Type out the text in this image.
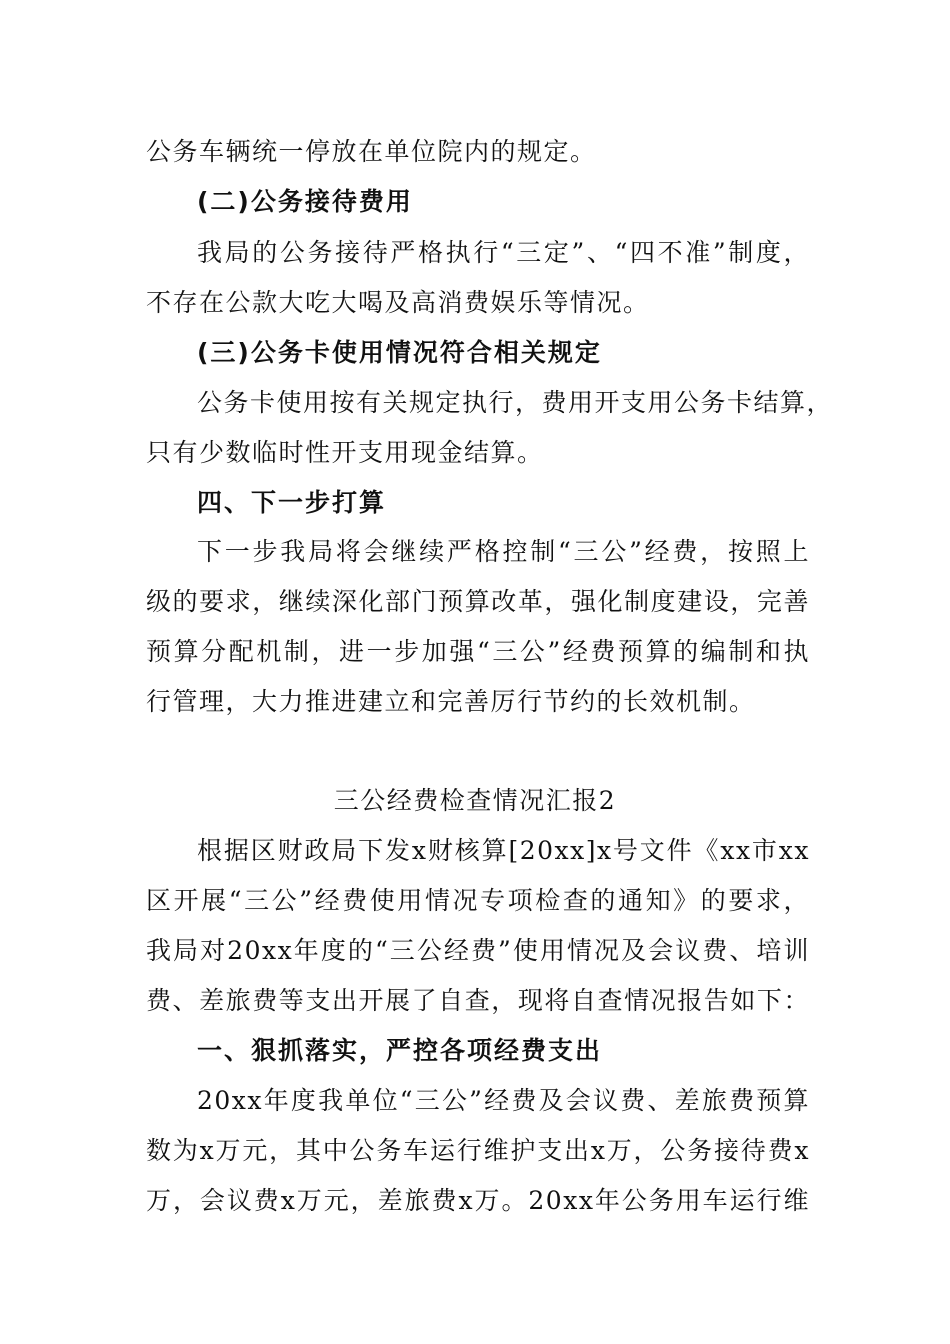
公务车辆统一停放在单位院内的规定。
(二)公务接待费用
我局的公务接待严格执行“三定”、“四不准”制度，
不存在公款大吃大喝及高消费娱乐等情况。
(三)公务卡使用情况符合相关规定
公务卡使用按有关规定执行，费用开支用公务卡结算，
只有少数临时性开支用现金结算。
四、下一步打算
下一步我局将会继续严格控制“三公”经费，按照上
级的要求，继续深化部门预算改革，强化制度建设，完善
预算分配机制，进一步加强“三公”经费预算的编制和执
行管理，大力推进建立和完善厉行节约的长效机制。
三公经费检查情况汇报2
根据区财政局下发x财核算[20xx]x号文件《xx市xx
区开展“三公”经费使用情况专项检查的通知》的要求，
我局对20xx年度的“三公经费”使用情况及会议费、培训
费、差旅费等支出开展了自查，现将自查情况报告如下：
一、狠抓落实，严控各项经费支出
20xx年度我单位“三公”经费及会议费、差旅费预算
数为x万元，其中公务车运行维护支出x万，公务接待费x
万，会议费x万元，差旅费x万。20xx年公务用车运行维
